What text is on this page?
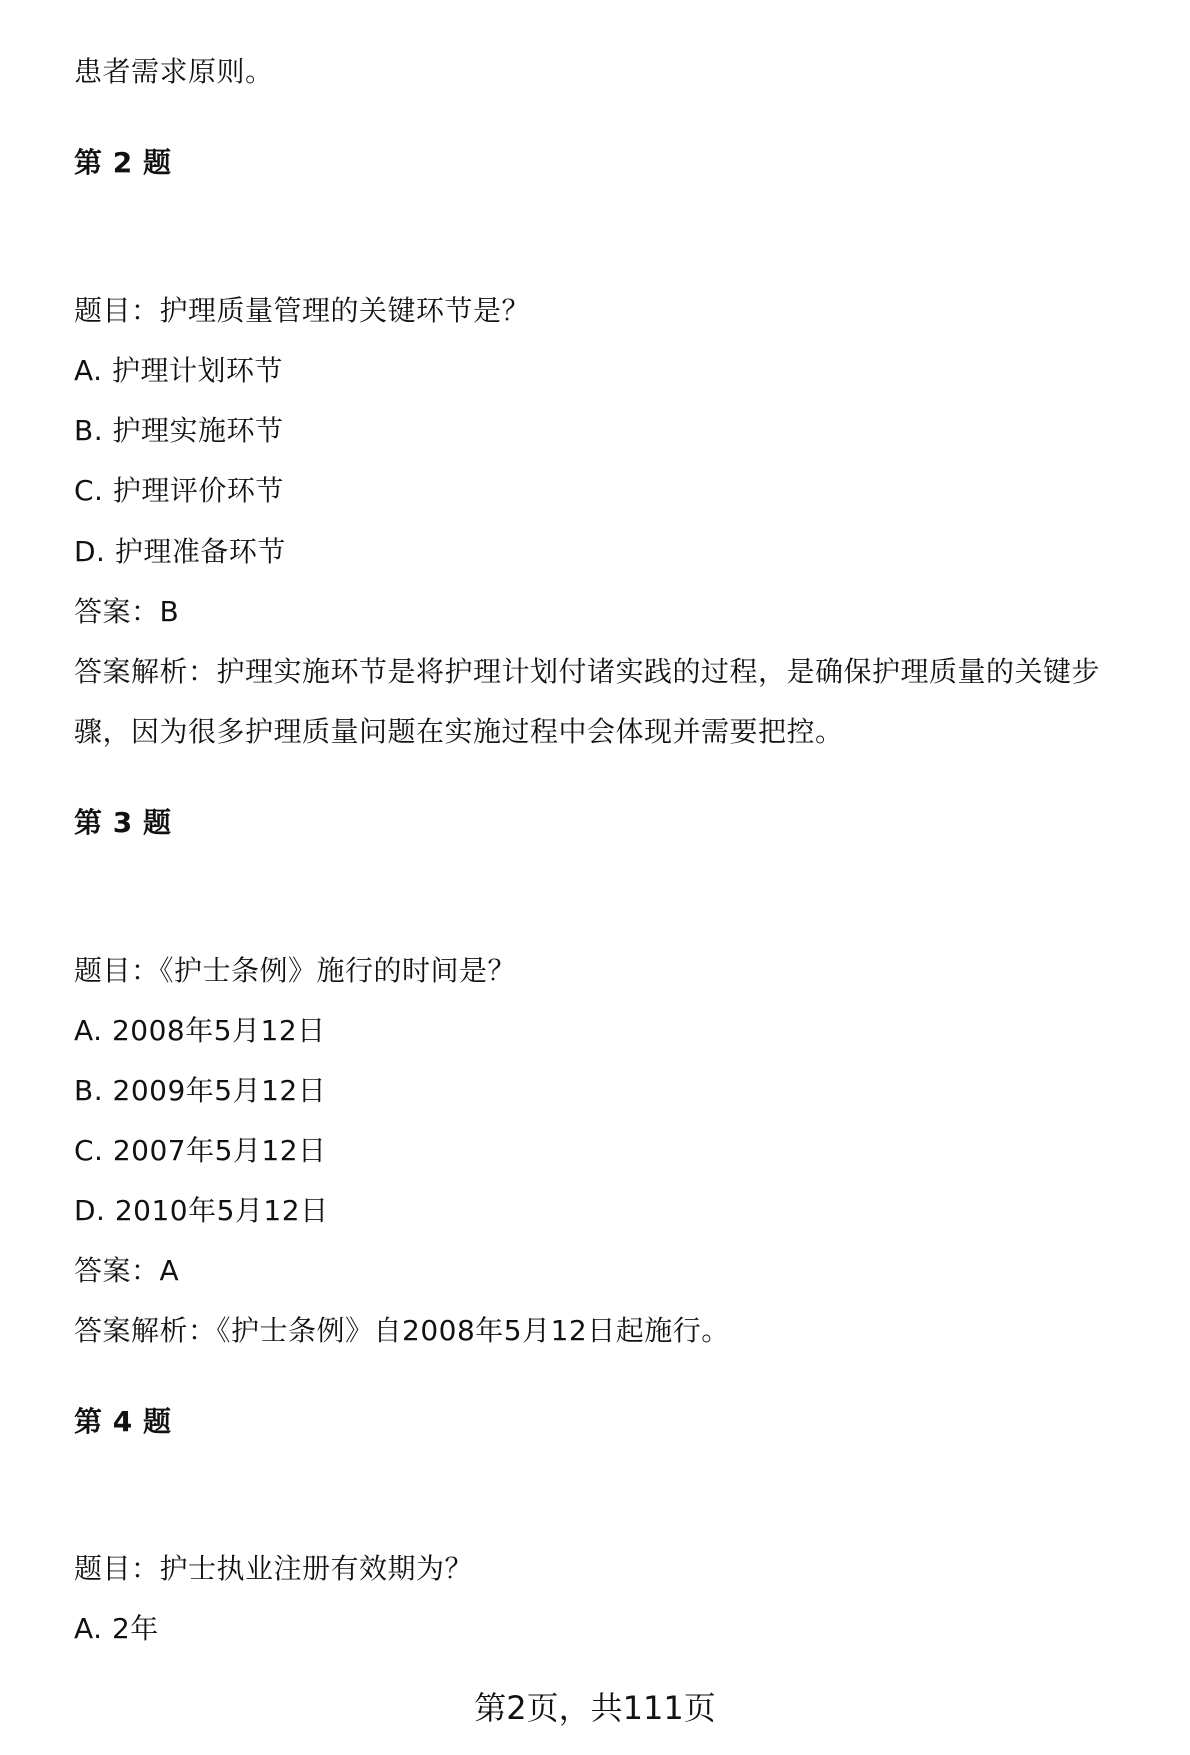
患者需求原则。
第 2 题
题目：护理质量管理的关键环节是？
A. 护理计划环节
B. 护理实施环节
C. 护理评价环节
D. 护理准备环节
答案：B
答案解析：护理实施环节是将护理计划付诸实践的过程，是确保护理质量的关键步
骤，因为很多护理质量问题在实施过程中会体现并需要把控。
第 3 题
题目：《护士条例》施行的时间是？
A. 2008年5月12日
B. 2009年5月12日
C. 2007年5月12日
D. 2010年5月12日
答案：A
答案解析：《护士条例》自2008年5月12日起施行。
第 4 题
题目：护士执业注册有效期为？
A. 2年
第2页，共111页
